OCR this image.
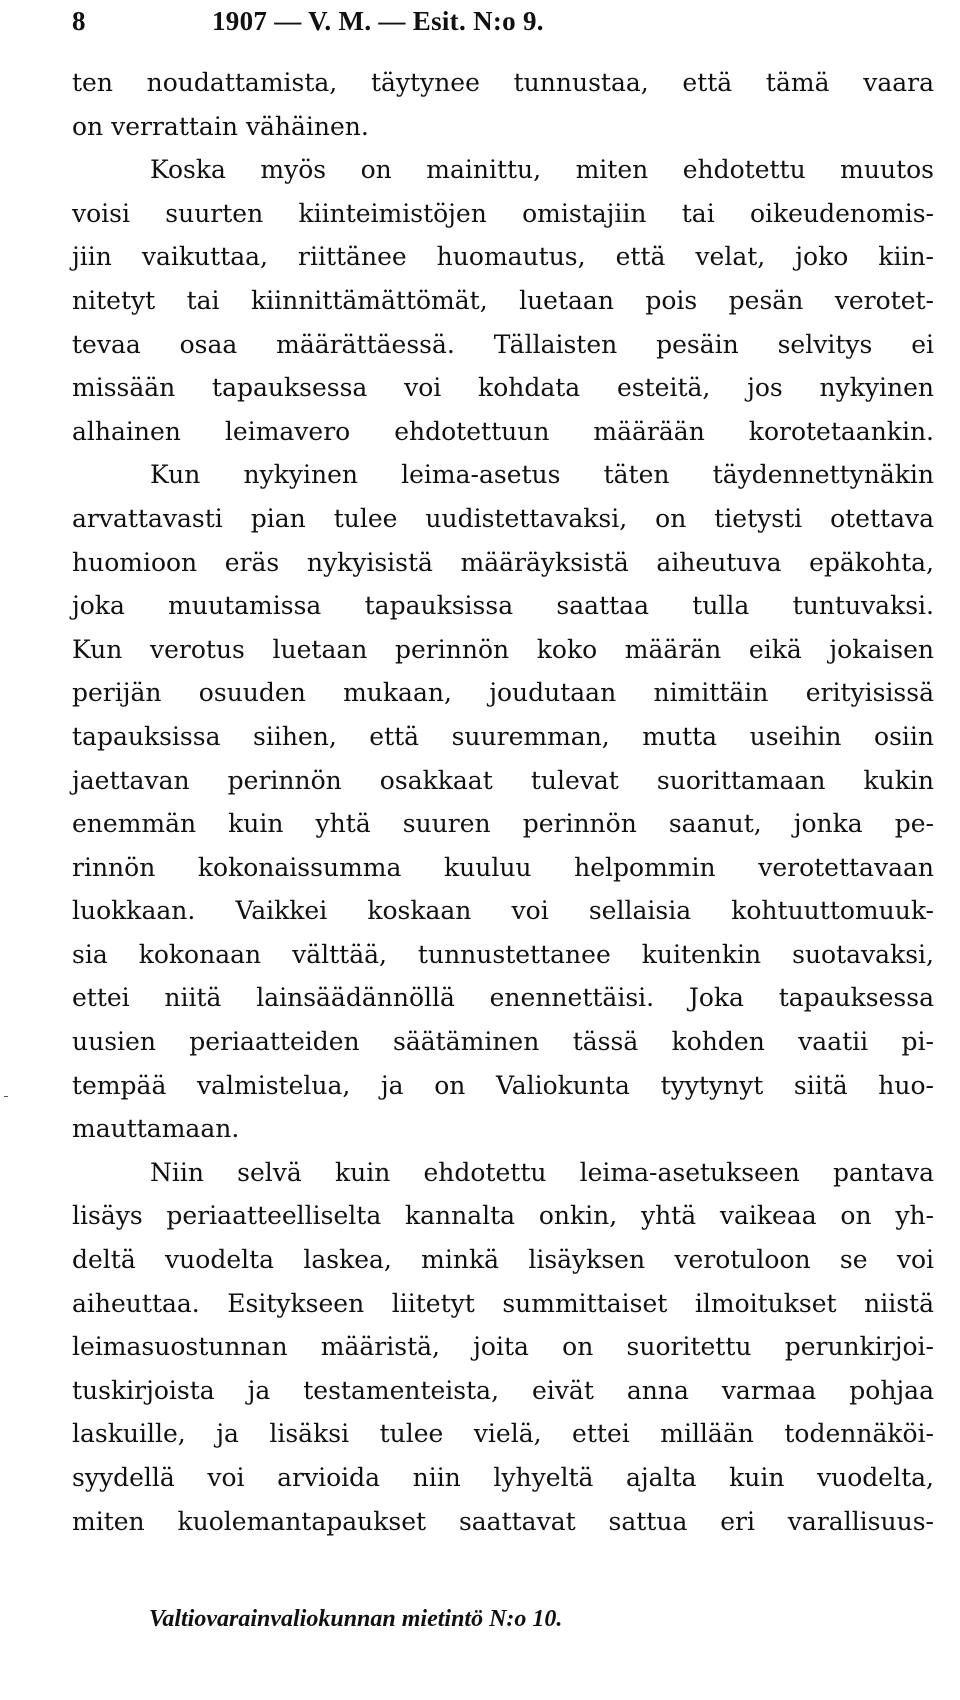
8	1907 — V. M. — Esit. N:o 9.
ten noudattamista, täytynee tunnustaa, että tämä vaara
on verrattain vähäinen.
Koska myös on mainittu, miten ehdotettu muutos
voisi suurten kiinteimistöjen omistajiin tai oikeudenomis-
jiin vaikuttaa, riittänee huomautus, että velat, joko kiin-
nitetyt tai kiinnittämättömät, luetaan pois pesän verotet-
tevaa osaa määrättäessä. Tällaisten pesäin selvitys ei
missään tapauksessa voi kohdata esteitä, jos nykyinen
alhainen leimavero ehdotettuun määrään korotetaankin.
Kun nykyinen leima-asetus täten täydennettynäkin
arvattavasti pian tulee uudistettavaksi, on tietysti otettava
huomioon eräs nykyisistä määräyksistä aiheutuva epäkohta,
joka muutamissa tapauksissa saattaa tulla tuntuvaksi.
Kun verotus luetaan perinnön koko määrän eikä jokaisen
perijän osuuden mukaan, joudutaan nimittäin erityisissä
tapauksissa siihen, että suuremman, mutta useihin osiin
jaettavan perinnön osakkaat tulevat suorittamaan kukin
enemmän kuin yhtä suuren perinnön saanut, jonka pe-
rinnön kokonaissumma kuuluu helpommin verotettavaan
luokkaan. Vaikkei koskaan voi sellaisia kohtuuttomuuk-
sia kokonaan välttää, tunnustettanee kuitenkin suotavaksi,
ettei niitä lainsäädännöllä enennettäisi. Joka tapauksessa
uusien periaatteiden säätäminen tässä kohden vaatii pi-
tempää valmistelua, ja on Valiokunta tyytynyt siitä huo-
mauttamaan.
Niin selvä kuin ehdotettu leima-asetukseen pantava
lisäys periaatteelliselta kannalta onkin, yhtä vaikeaa on yh-
deltä vuodelta laskea, minkä lisäyksen verotuloon se voi
aiheuttaa. Esitykseen liitetyt summittaiset ilmoitukset niistä
leimasuostunnan määristä, joita on suoritettu perunkirjoi-
tuskirjoista ja testamenteista, eivät anna varmaa pohjaa
laskuille, ja lisäksi tulee vielä, ettei millään todennäköi-
syydellä voi arvioida niin lyhyeltä ajalta kuin vuodelta,
miten kuolemantapaukset saattavat sattua eri varallisuus-
Valtiovarainvaliokunnan mietintö N:o 10.
